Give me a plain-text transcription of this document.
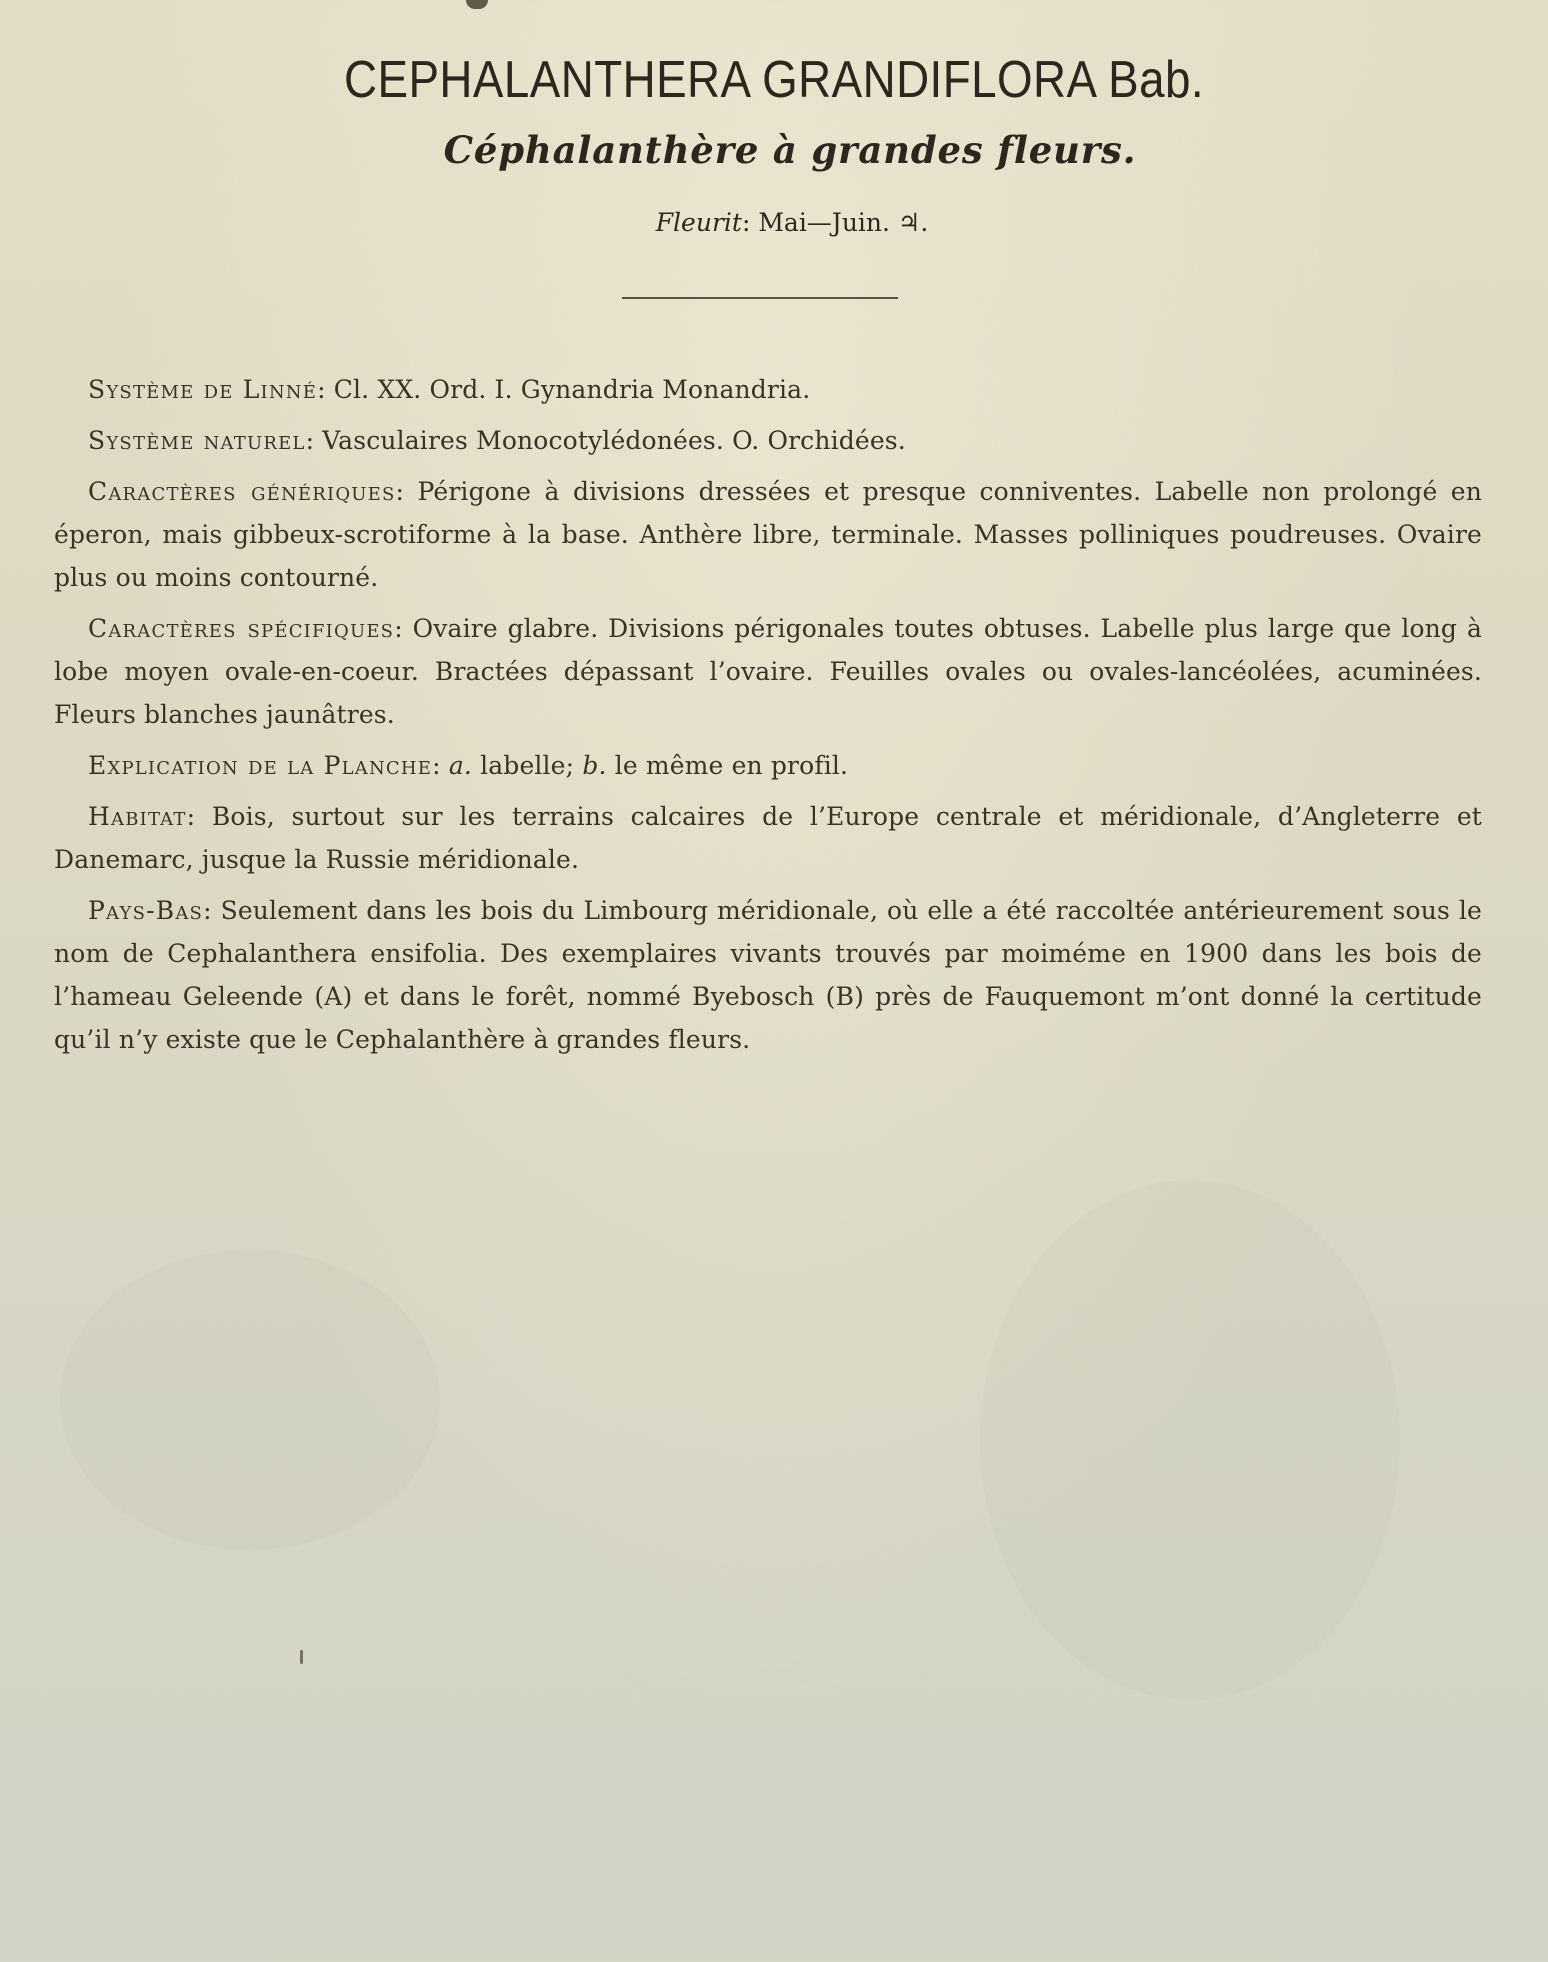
CEPHALANTHERA GRANDIFLORA Bab.
Céphalanthère à grandes fleurs.
Fleurit: Mai—Juin. ♃.

Système de Linné: Cl. XX. Ord. I. Gynandria Monandria.

Système naturel: Vasculaires Monocotylédonées. O. Orchidées.

Caractères génériques: Périgone à divisions dressées et presque conniventes. Labelle non prolongé en éperon, mais gibbeux-scrotiforme à la base. Anthère libre, terminale. Masses polliniques poudreuses. Ovaire plus ou moins contourné.

Caractères spécifiques: Ovaire glabre. Divisions périgonales toutes obtuses. Labelle plus large que long à lobe moyen ovale-en-coeur. Bractées dépassant l’ovaire. Feuilles ovales ou ovales-lancéolées, acuminées. Fleurs blanches jaunâtres.

Explication de la Planche: a. labelle; b. le même en profil.

Habitat: Bois, surtout sur les terrains calcaires de l’Europe centrale et méridionale, d’Angleterre et Danemarc, jusque la Russie méridionale.

Pays-Bas: Seulement dans les bois du Limbourg méridionale, où elle a été raccoltée antérieurement sous le nom de Cephalanthera ensifolia. Des exemplaires vivants trouvés par moiméme en 1900 dans les bois de l’hameau Geleende (A) et dans le forêt, nommé Byebosch (B) près de Fauquemont m’ont donné la certitude qu’il n’y existe que le Cephalanthère à grandes fleurs.
